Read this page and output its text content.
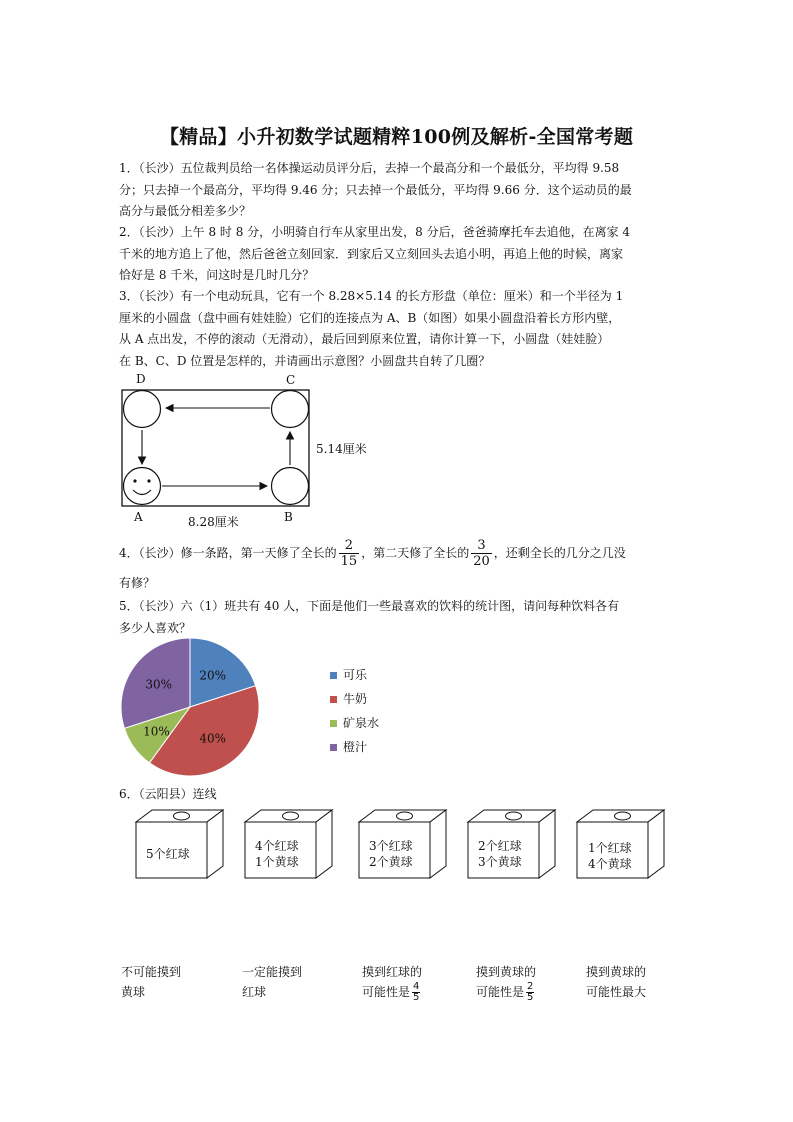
【精品】小升初数学试题精粹100例及解析-全国常考题
1．（长沙）五位裁判员给一名体操运动员评分后，去掉一个最高分和一个最低分，平均得 9.58
分；只去掉一个最高分，平均得 9.46 分；只去掉一个最低分，平均得 9.66 分．这个运动员的最
高分与最低分相差多少？
2．（长沙）上午 8 时 8 分，小明骑自行车从家里出发，8 分后，爸爸骑摩托车去追他，在离家 4
千米的地方追上了他，然后爸爸立刻回家．到家后又立刻回头去追小明，再追上他的时候，离家
恰好是 8 千米，问这时是几时几分？
3．（长沙）有一个电动玩具，它有一个 8.28×5.14 的长方形盘（单位：厘米）和一个半径为 1
厘米的小圆盘（盘中画有娃娃脸）它们的连接点为 A、B（如图）如果小圆盘沿着长方形内壁，
从 A 点出发，不停的滚动（无滑动），最后回到原来位置，请你计算一下，小圆盘（娃娃脸）
在 B、C、D 位置是怎样的，并请画出示意图？小圆盘共自转了几圈？
D	C
A	B
8.28厘米
5.14厘米
4．（长沙）修一条路，第一天修了全长的 $\frac{2}{15}$ ，第二天修了全长的 $\frac{3}{20}$ ，还剩全长的几分之几没
有修？
5．（长沙）六（1）班共有 40 人，下面是他们一些最喜欢的饮料的统计图，请问每种饮料各有
多少人喜欢？
20%
40%
10%
30%
可乐
牛奶
矿泉水
橙汁
6．（云阳县）连线
5个红球
4个红球
1个黄球
3个红球
2个黄球
2个红球
3个黄球
1个红球
4个黄球
不可能摸到
黄球
一定能摸到
红球
摸到红球的
可能性是 $\frac{4}{5}$
摸到黄球的
可能性是 $\frac{2}{5}$
摸到黄球的
可能性最大
